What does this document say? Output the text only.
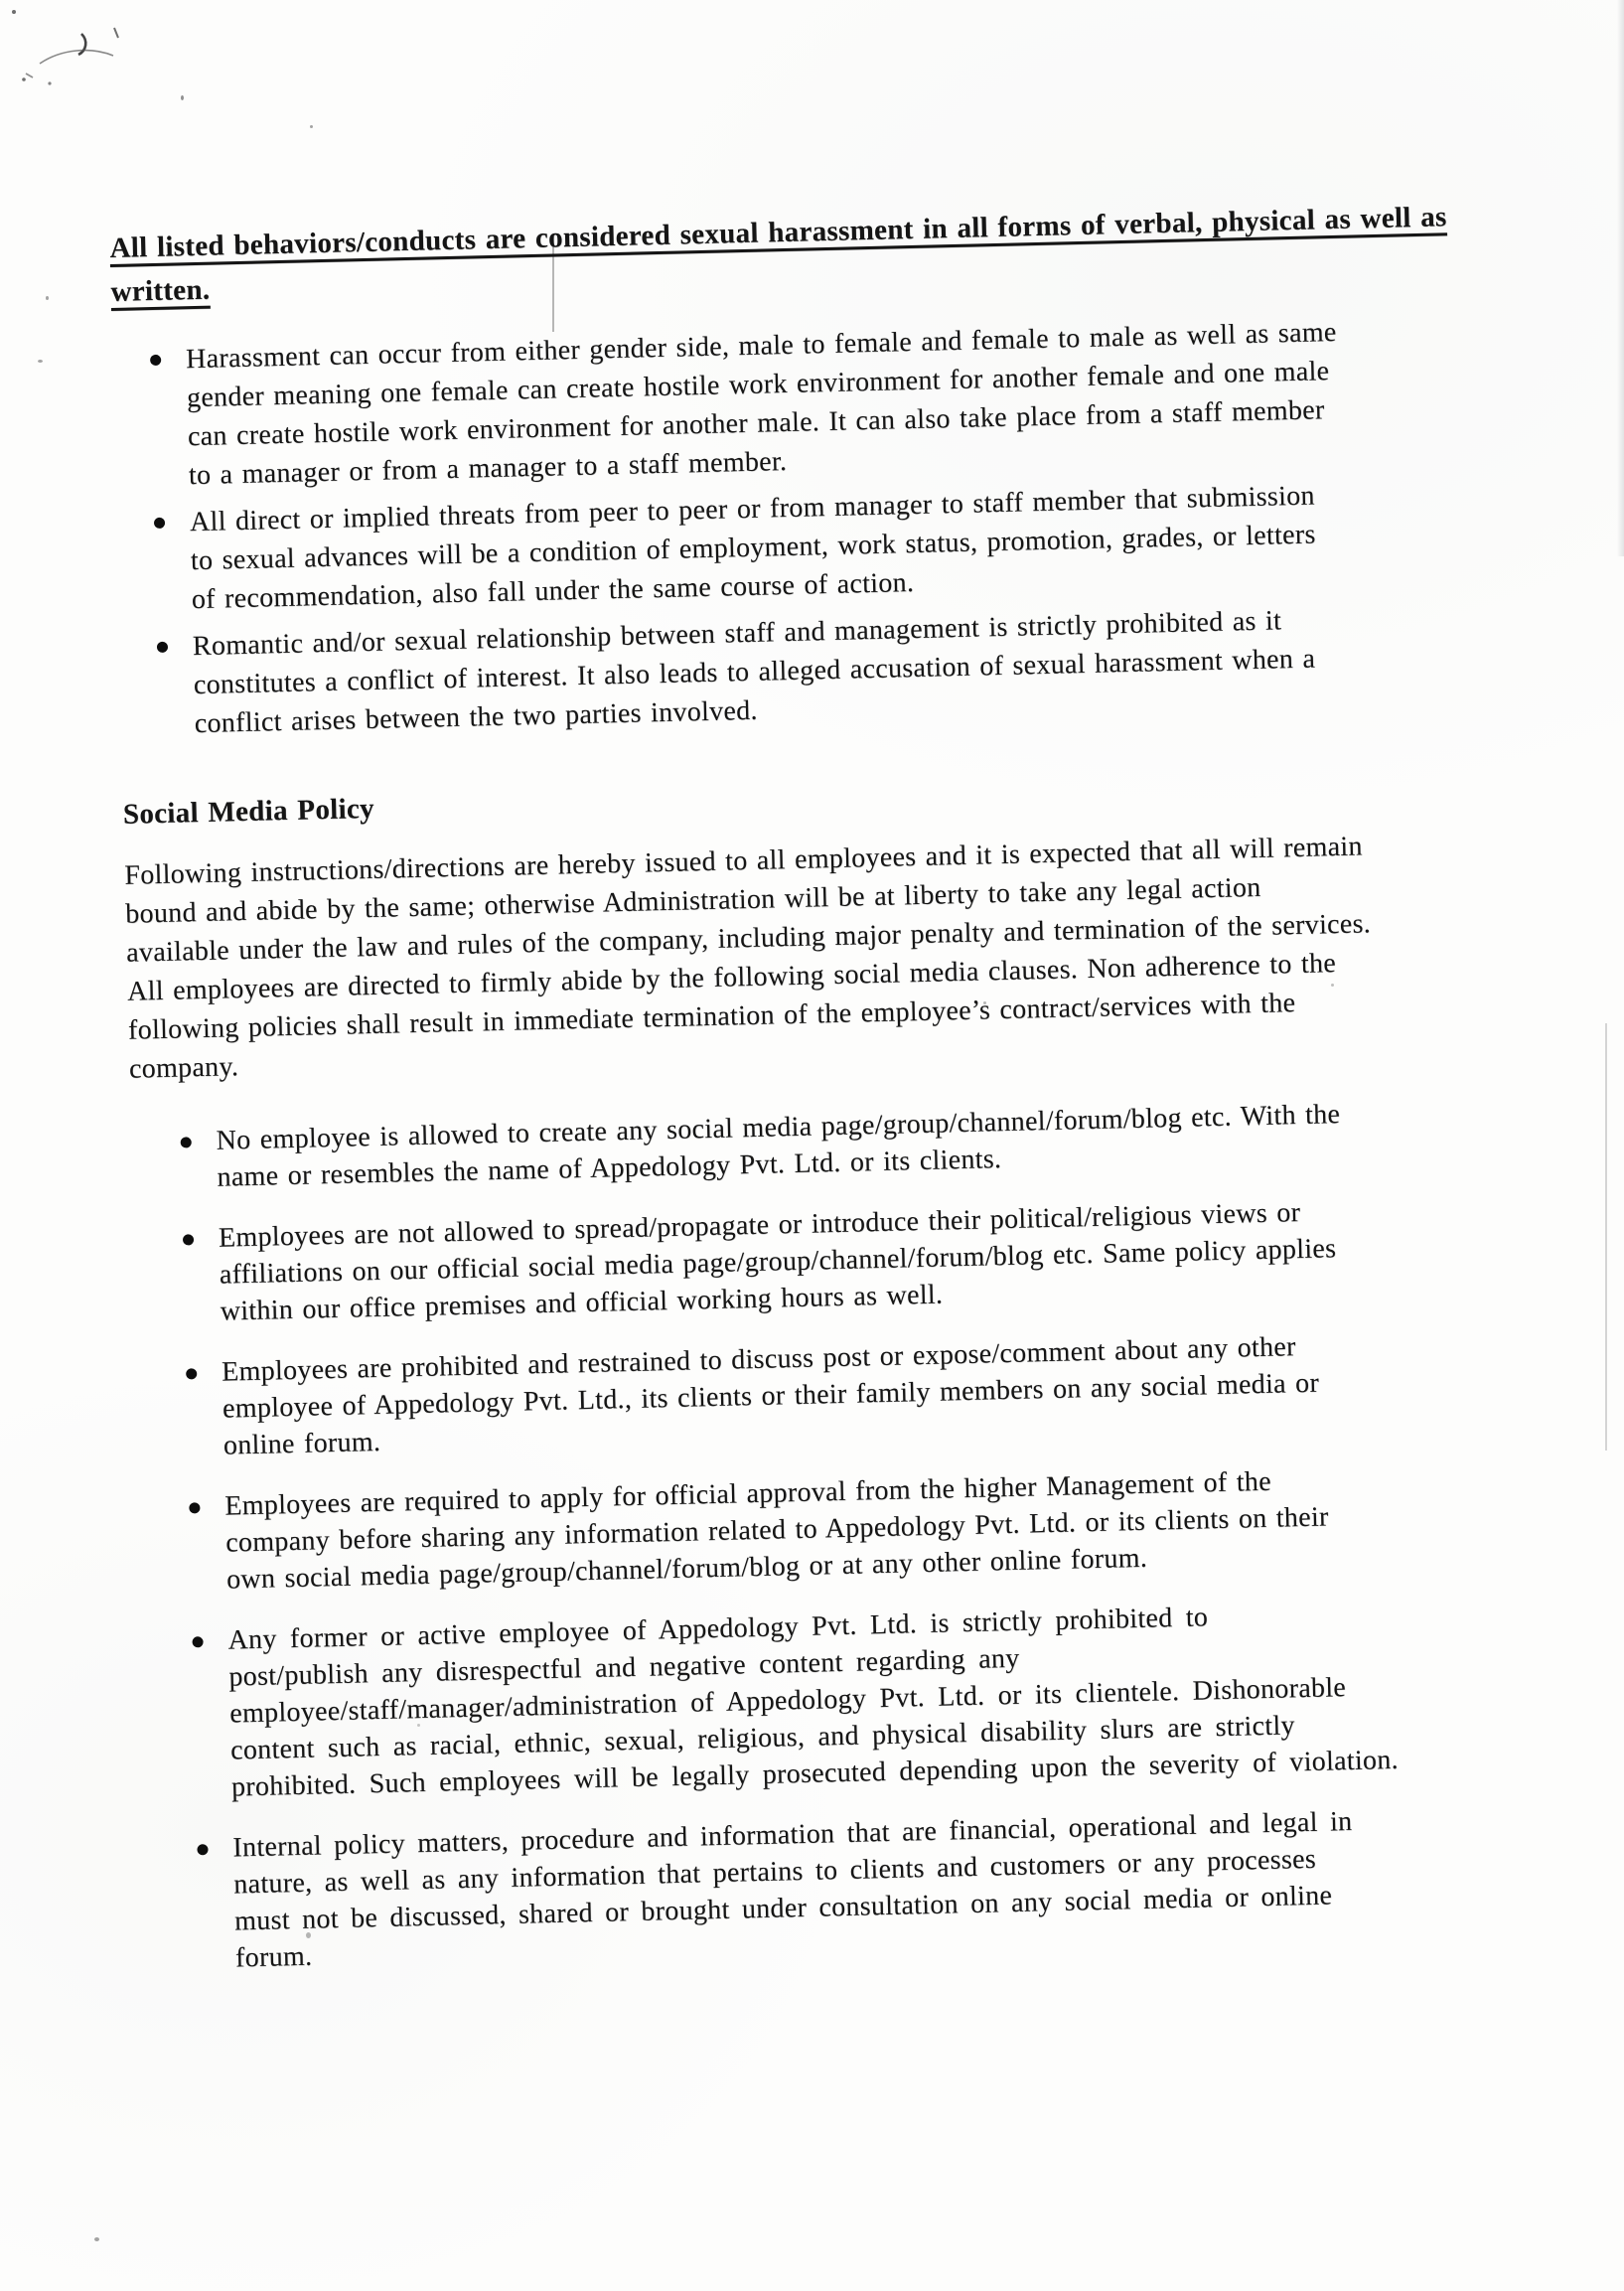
All listed behaviors/conducts are considered sexual harassment in all forms of verbal, physical as well as
written.
Harassment can occur from either gender side, male to female and female to male as well as same
gender meaning one female can create hostile work environment for another female and one male
can create hostile work environment for another male. It can also take place from a staff member
to a manager or from a manager to a staff member.
All direct or implied threats from peer to peer or from manager to staff member that submission
to sexual advances will be a condition of employment, work status, promotion, grades, or letters
of recommendation, also fall under the same course of action.
Romantic and/or sexual relationship between staff and management is strictly prohibited as it
constitutes a conflict of interest. It also leads to alleged accusation of sexual harassment when a
conflict arises between the two parties involved.
Social Media Policy

Following instructions/directions are hereby issued to all employees and it is expected that all will remain
bound and abide by the same; otherwise Administration will be at liberty to take any legal action
available under the law and rules of the company, including major penalty and termination of the services.
All employees are directed to firmly abide by the following social media clauses. Non adherence to the
following policies shall result in immediate termination of the employee’s contract/services with the
company.

No employee is allowed to create any social media page/group/channel/forum/blog etc. With the
name or resembles the name of Appedology Pvt. Ltd. or its clients.
Employees are not allowed to spread/propagate or introduce their political/religious views or
affiliations on our official social media page/group/channel/forum/blog etc. Same policy applies
within our office premises and official working hours as well.
Employees are prohibited and restrained to discuss post or expose/comment about any other
employee of Appedology Pvt. Ltd., its clients or their family members on any social media or
online forum.
Employees are required to apply for official approval from the higher Management of the
company before sharing any information related to Appedology Pvt. Ltd. or its clients on their
own social media page/group/channel/forum/blog or at any other online forum.
Any former or active employee of Appedology Pvt. Ltd. is strictly prohibited to
post/publish any disrespectful and negative content regarding any
employee/staff/manager/administration of Appedology Pvt. Ltd. or its clientele. Dishonorable
content such as racial, ethnic, sexual, religious, and physical disability slurs are strictly
prohibited. Such employees will be legally prosecuted depending upon the severity of violation.
Internal policy matters, procedure and information that are financial, operational and legal in
nature, as well as any information that pertains to clients and customers or any processes
must not be discussed, shared or brought under consultation on any social media or online
forum.
